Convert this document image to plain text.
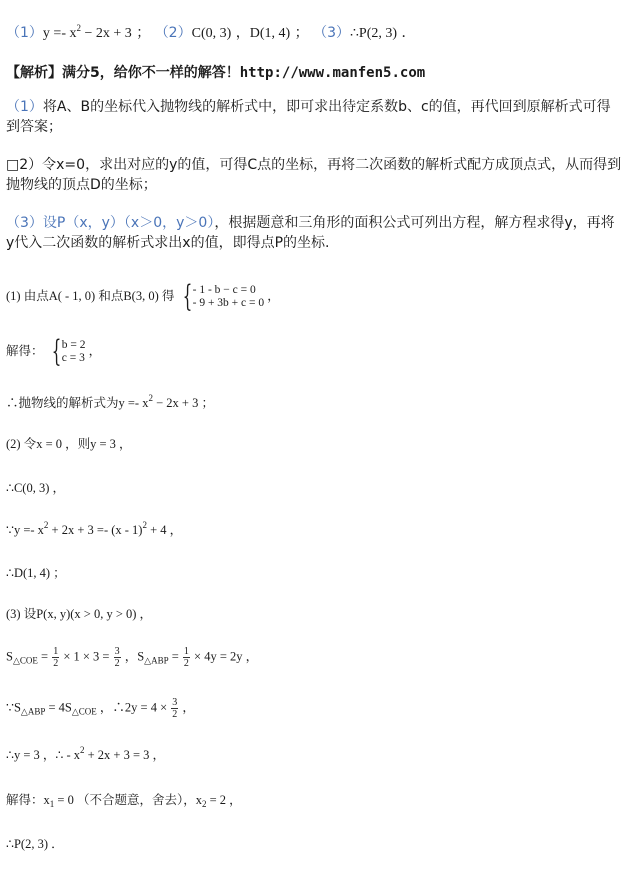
$(1)y =- x^2 - 2x + 3$ ； （2）C(0, 3) ，D(1, 4) ； （3）∴P(2, 3) ．
【解析】满分5，给你不一样的解答！http://www.manfen5.com
（1）将A、B的坐标代入抛物线的解析式中，即可求出待定系数b、c的值，再代回到原解析式可得到答案；
□2）令x=0，求出对应的y的值，可得C点的坐标，再将二次函数的解析式配方成顶点式，从而得到抛物线的顶点D的坐标；
（3）设P（x，y）（x＞0，y＞0），根据题意和三角形的面积公式可列出方程，解方程求得y，再将y代入二次函数的解析式求出x的值，即得点P的坐标.
(1) 由点A( - 1, 0) 和点B(3, 0) 得 { - 1 - b − c = 0
- 9 + 3b + c = 0
，
解得： { b = 2
c = 3
，
∴抛物线的解析式为$y =- x^2 - 2x + 3$ ；
(2) 令x = 0 ，则y = 3 ，
∴C(0, 3) ，
∵y =- $x^2 + 2x + 3 =- (x - 1)^2 + 4$ ，
∴D(1, 4) ；
(3) 设P(x, y)(x > 0, y > 0) ，
$S_{\triangle COE} = \frac{1}{2} \times 1 \times 3 = \frac{3}{2}$ ，$S_{\triangle ABP} = \frac{1}{2} \times 4y = 2y$ ，
$\because S_{\triangle ABP} = 4S_{\triangle COE}$ ，∴2y = $4 \times \frac{3}{2}$ ，
∴y = 3 ，∴ - $x^2 + 2x + 3 = 3$ ，
解得：$x_1 = 0$ （不合题意，舍去），$x_2 = 2$ ，
∴P(2, 3) ．
